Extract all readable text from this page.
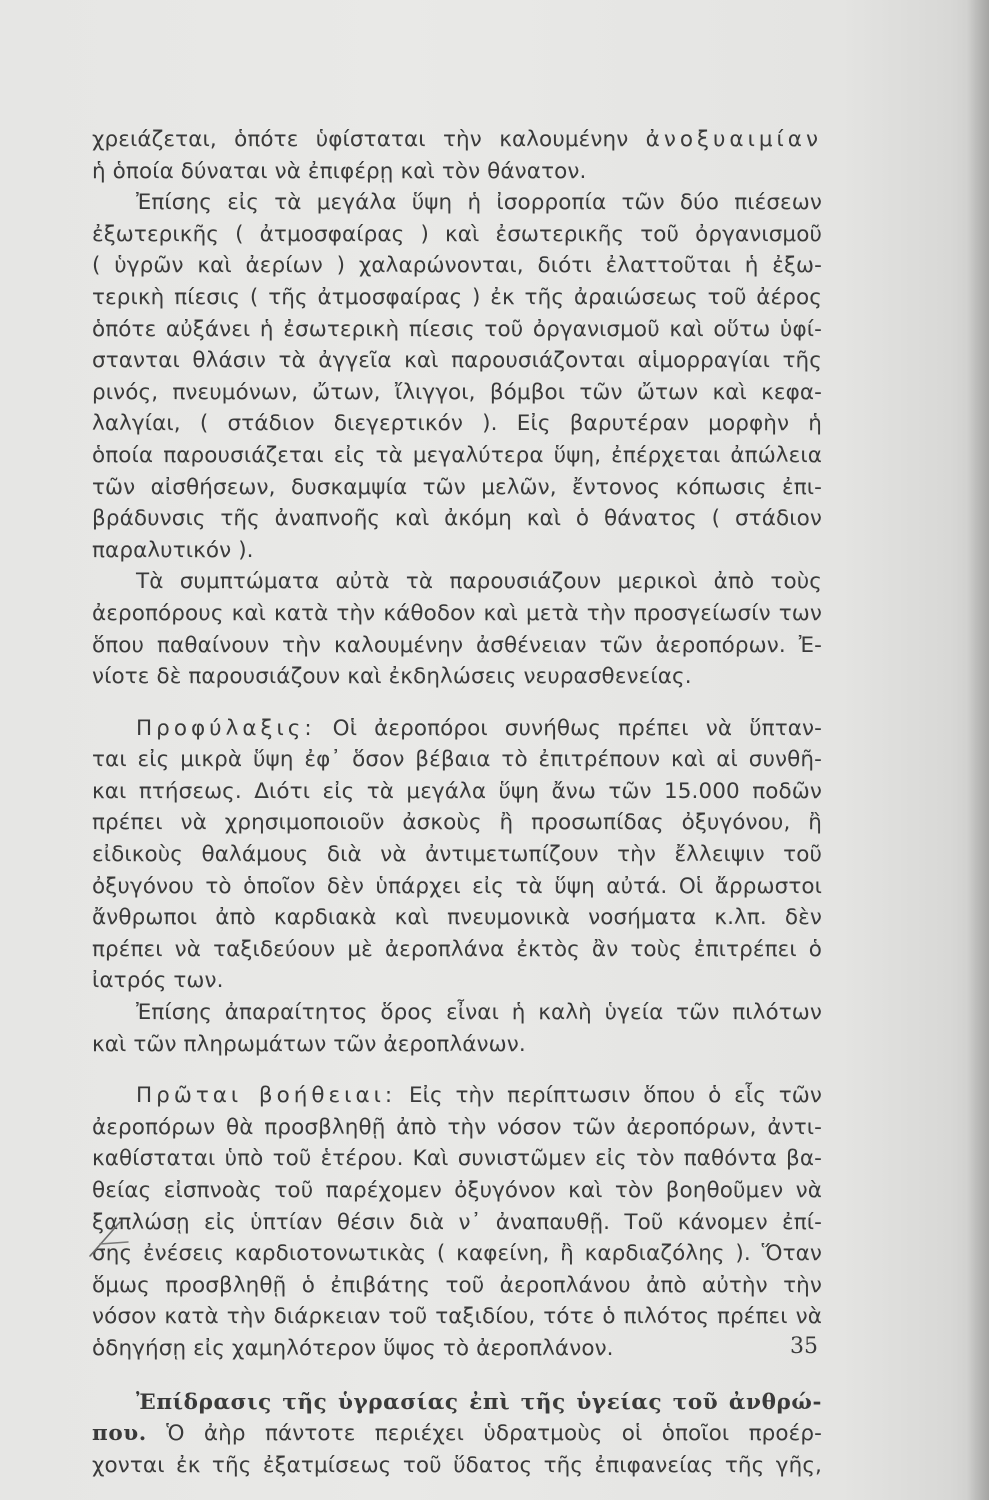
χρειάζεται, ὁπότε ὑφίσταται τὴν καλουμένην ἀνοξυαιμίαν
ἡ ὁποία δύναται νὰ ἐπιφέρῃ καὶ τὸν θάνατον.
Ἐπίσης εἰς τὰ μεγάλα ὕψη ἡ ἰσορροπία τῶν δύο πιέσεων
ἐξωτερικῆς ( ἀτμοσφαίρας ) καὶ ἐσωτερικῆς τοῦ ὀργανισμοῦ
( ὑγρῶν καὶ ἀερίων ) χαλαρώνονται, διότι ἐλαττοῦται ἡ ἐξω-
τερικὴ πίεσις ( τῆς ἀτμοσφαίρας ) ἐκ τῆς ἀραιώσεως τοῦ ἀέρος
ὁπότε αὐξάνει ἡ ἐσωτερικὴ πίεσις τοῦ ὀργανισμοῦ καὶ οὕτω ὑφί-
στανται θλάσιν τὰ ἀγγεῖα καὶ παρουσιάζονται αἱμορραγίαι τῆς
ρινός, πνευμόνων, ὤτων, ἴλιγγοι, βόμβοι τῶν ὤτων καὶ κεφα-
λαλγίαι, ( στάδιον διεγερτικόν ). Εἰς βαρυτέραν μορφὴν ἡ
ὁποία παρουσιάζεται εἰς τὰ μεγαλύτερα ὕψη, ἐπέρχεται ἀπώλεια
τῶν αἰσθήσεων, δυσκαμψία τῶν μελῶν, ἔντονος κόπωσις ἐπι-
βράδυνσις τῆς ἀναπνοῆς καὶ ἀκόμη καὶ ὁ θάνατος ( στάδιον
παραλυτικόν ).
Τὰ συμπτώματα αὐτὰ τὰ παρουσιάζουν μερικοὶ ἀπὸ τοὺς
ἀεροπόρους καὶ κατὰ τὴν κάθοδον καὶ μετὰ τὴν προσγείωσίν των
ὅπου παθαίνουν τὴν καλουμένην ἀσθένειαν τῶν ἀεροπόρων. Ἐ-
νίοτε δὲ παρουσιάζουν καὶ ἐκδηλώσεις νευρασθενείας.
Προφύλαξις: Οἱ ἀεροπόροι συνήθως πρέπει νὰ ὕπταν-
ται εἰς μικρὰ ὕψη ἐφ᾽ ὅσον βέβαια τὸ ἐπιτρέπουν καὶ αἱ συνθῆ-
και πτήσεως. Διότι εἰς τὰ μεγάλα ὕψη ἄνω τῶν 15.000 ποδῶν
πρέπει νὰ χρησιμοποιοῦν ἀσκοὺς ἢ προσωπίδας ὀξυγόνου, ἢ
εἰδικοὺς θαλάμους διὰ νὰ ἀντιμετωπίζουν τὴν ἔλλειψιν τοῦ
ὀξυγόνου τὸ ὁποῖον δὲν ὑπάρχει εἰς τὰ ὕψη αὐτά. Οἱ ἄρρωστοι
ἄνθρωποι ἀπὸ καρδιακὰ καὶ πνευμονικὰ νοσήματα κ.λπ. δὲν
πρέπει νὰ ταξιδεύουν μὲ ἀεροπλάνα ἐκτὸς ἂν τοὺς ἐπιτρέπει ὁ
ἰατρός των.
Ἐπίσης ἀπαραίτητος ὅρος εἶναι ἡ καλὴ ὑγεία τῶν πιλότων
καὶ τῶν πληρωμάτων τῶν ἀεροπλάνων.
Πρῶται βοήθειαι: Εἰς τὴν περίπτωσιν ὅπου ὁ εἷς τῶν
ἀεροπόρων θὰ προσβληθῇ ἀπὸ τὴν νόσον τῶν ἀεροπόρων, ἀντι-
καθίσταται ὑπὸ τοῦ ἑτέρου. Καὶ συνιστῶμεν εἰς τὸν παθόντα βα-
θείας εἰσπνοὰς τοῦ παρέχομεν ὀξυγόνον καὶ τὸν βοηθοῦμεν νὰ
ξαπλώσῃ εἰς ὑπτίαν θέσιν διὰ ν᾽ ἀναπαυθῇ. Τοῦ κάνομεν ἐπί-
σης ἐνέσεις καρδιοτονωτικὰς ( καφείνη, ἢ καρδιαζόλης ). Ὅταν
ὅμως προσβληθῇ ὁ ἐπιβάτης τοῦ ἀεροπλάνου ἀπὸ αὐτὴν τὴν
νόσον κατὰ τὴν διάρκειαν τοῦ ταξιδίου, τότε ὁ πιλότος πρέπει νὰ
ὁδηγήσῃ εἰς χαμηλότερον ὕψος τὸ ἀεροπλάνον.
Ἐπίδρασις τῆς ὑγρασίας ἐπὶ τῆς ὑγείας τοῦ ἀνθρώ-
που. Ὁ ἀὴρ πάντοτε περιέχει ὑδρατμοὺς οἱ ὁποῖοι προέρ-
χονται ἐκ τῆς ἐξατμίσεως τοῦ ὕδατος τῆς ἐπιφανείας τῆς γῆς,
35
